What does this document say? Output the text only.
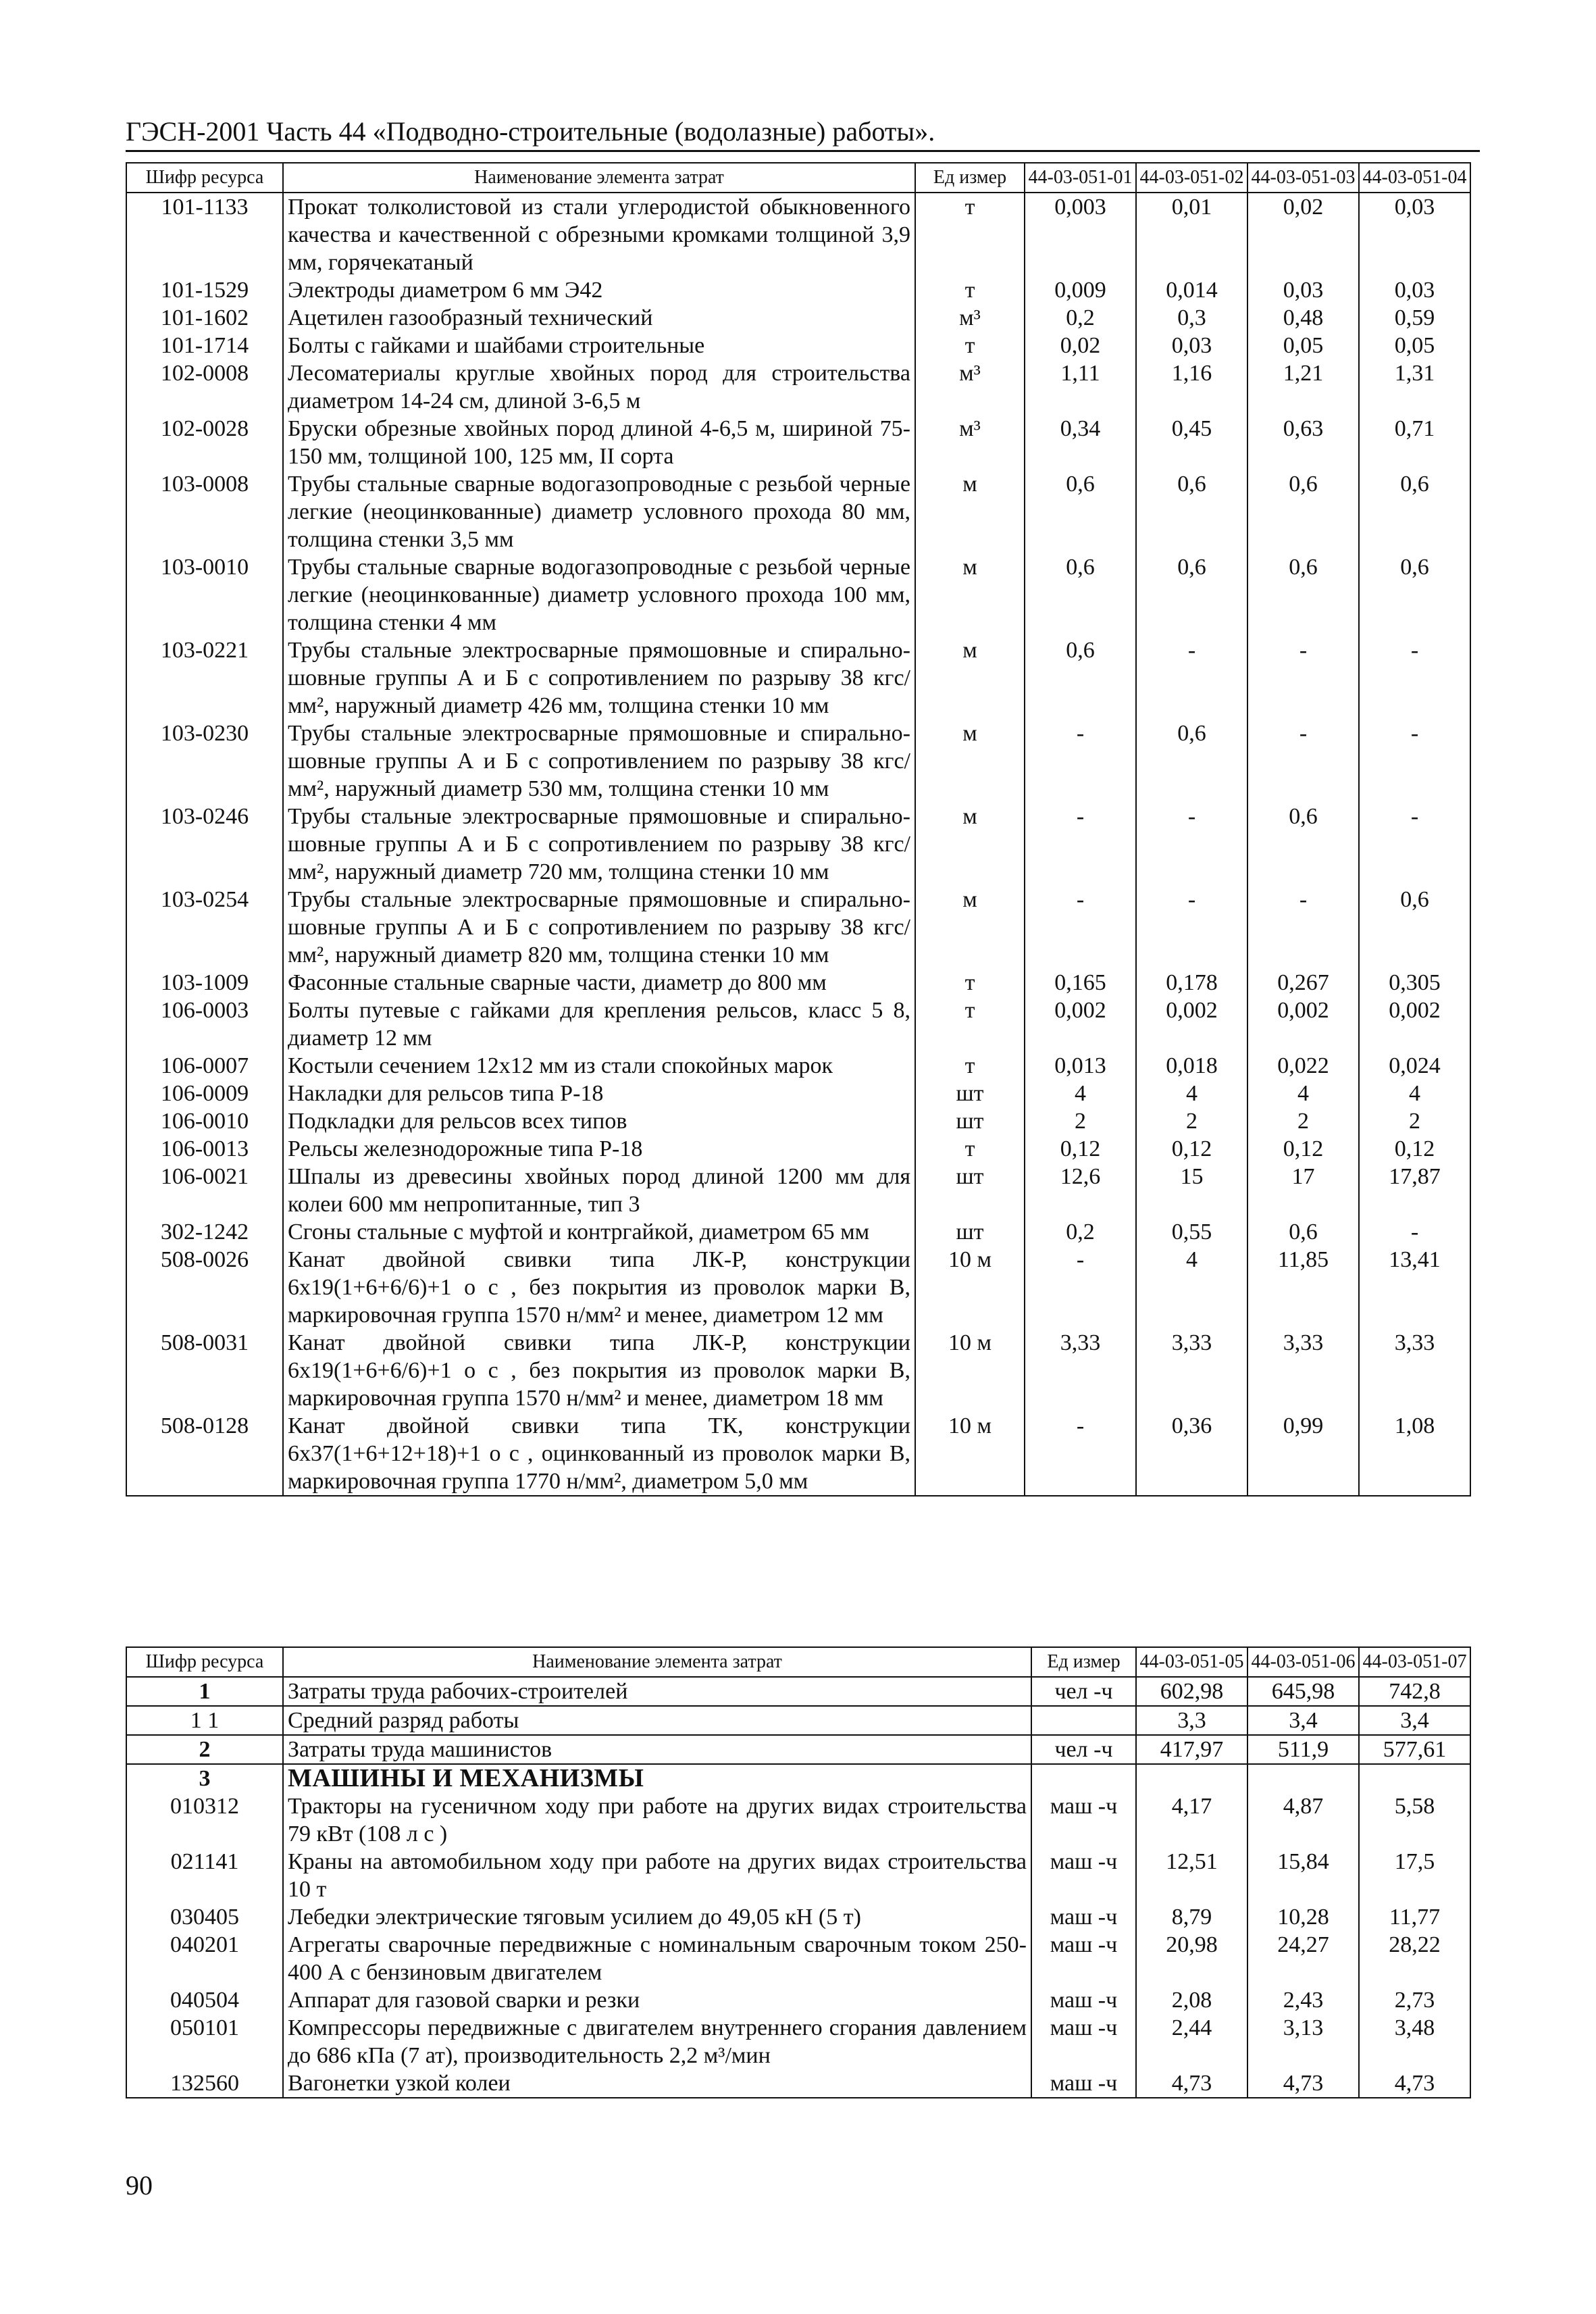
ГЭСН-2001 Часть 44 «Подводно-строительные (водолазные) работы».
Шифр ресурса	Наименование элемента затрат	Ед измер	44-03-051-01	44-03-051-02	44-03-051-03	44-03-051-04
101-1133	Прокат толколистовой из стали углеродистой обыкновенного качества и качественной с обрезными кромками толщиной 3,9 мм, горячекатаный	т	0,003	0,01	0,02	0,03
101-1529	Электроды диаметром 6 мм Э42	т	0,009	0,014	0,03	0,03
101-1602	Ацетилен газообразный технический	м³	0,2	0,3	0,48	0,59
101-1714	Болты с гайками и шайбами строительные	т	0,02	0,03	0,05	0,05
102-0008	Лесоматериалы круглые хвойных пород для строительства диаметром 14-24 см, длиной 3-6,5 м	м³	1,11	1,16	1,21	1,31
102-0028	Бруски обрезные хвойных пород длиной 4-6,5 м, шириной 75-150 мм, толщиной 100, 125 мм, II сорта	м³	0,34	0,45	0,63	0,71
103-0008	Трубы стальные сварные водогазопроводные с резьбой черные легкие (неоцинкованные) диаметр условного прохода 80 мм, толщина стенки 3,5 мм	м	0,6	0,6	0,6	0,6
103-0010	Трубы стальные сварные водогазопроводные с резьбой черные легкие (неоцинкованные) диаметр условного прохода 100 мм, толщина стенки 4 мм	м	0,6	0,6	0,6	0,6
103-0221	Трубы стальные электросварные прямошовные и спирально-шовные группы А и Б с сопротивлением по разрыву 38 кгс/мм², наружный диаметр 426 мм, толщина стенки 10 мм	м	0,6	-	-	-
103-0230	Трубы стальные электросварные прямошовные и спирально-шовные группы А и Б с сопротивлением по разрыву 38 кгс/мм², наружный диаметр 530 мм, толщина стенки 10 мм	м	-	0,6	-	-
103-0246	Трубы стальные электросварные прямошовные и спирально-шовные группы А и Б с сопротивлением по разрыву 38 кгс/мм², наружный диаметр 720 мм, толщина стенки 10 мм	м	-	-	0,6	-
103-0254	Трубы стальные электросварные прямошовные и спирально-шовные группы А и Б с сопротивлением по разрыву 38 кгс/мм², наружный диаметр 820 мм, толщина стенки 10 мм	м	-	-	-	0,6
103-1009	Фасонные стальные сварные части, диаметр до 800 мм	т	0,165	0,178	0,267	0,305
106-0003	Болты путевые с гайками для крепления рельсов, класс 5 8, диаметр 12 мм	т	0,002	0,002	0,002	0,002
106-0007	Костыли сечением 12x12 мм из стали спокойных марок	т	0,013	0,018	0,022	0,024
106-0009	Накладки для рельсов типа Р-18	шт	4	4	4	4
106-0010	Подкладки для рельсов всех типов	шт	2	2	2	2
106-0013	Рельсы железнодорожные типа Р-18	т	0,12	0,12	0,12	0,12
106-0021	Шпалы из древесины хвойных пород длиной 1200 мм для колеи 600 мм непропитанные, тип 3	шт	12,6	15	17	17,87
302-1242	Сгоны стальные с муфтой и контргайкой, диаметром 65 мм	шт	0,2	0,55	0,6	-
508-0026	Канат двойной свивки типа ЛК-Р, конструкции 6x19(1+6+6/6)+1 о с , без покрытия из проволок марки В, маркировочная группа 1570 н/мм² и менее, диаметром 12 мм	10 м	-	4	11,85	13,41
508-0031	Канат двойной свивки типа ЛК-Р, конструкции 6x19(1+6+6/6)+1 о с , без покрытия из проволок марки В, маркировочная группа 1570 н/мм² и менее, диаметром 18 мм	10 м	3,33	3,33	3,33	3,33
508-0128	Канат двойной свивки типа ТК, конструкции 6x37(1+6+12+18)+1 о с , оцинкованный из проволок марки В, маркировочная группа 1770 н/мм², диаметром 5,0 мм	10 м	-	0,36	0,99	1,08
Шифр ресурса	Наименование элемента затрат	Ед измер	44-03-051-05	44-03-051-06	44-03-051-07
1	Затраты труда рабочих-строителей	чел -ч	602,98	645,98	742,8
1 1	Средний разряд работы		3,3	3,4	3,4
2	Затраты труда машинистов	чел -ч	417,97	511,9	577,61
3	МАШИНЫ И МЕХАНИЗМЫ				
010312	Тракторы на гусеничном ходу при работе на других видах строительства 79 кВт (108 л с )	маш -ч	4,17	4,87	5,58
021141	Краны на автомобильном ходу при работе на других видах строительства 10 т	маш -ч	12,51	15,84	17,5
030405	Лебедки электрические тяговым усилием до 49,05 кН (5 т)	маш -ч	8,79	10,28	11,77
040201	Агрегаты сварочные передвижные с номинальным сварочным током 250-400 А с бензиновым двигателем	маш -ч	20,98	24,27	28,22
040504	Аппарат для газовой сварки и резки	маш -ч	2,08	2,43	2,73
050101	Компрессоры передвижные с двигателем внутреннего сгорания давлением до 686 кПа (7 ат), производительность 2,2 м³/мин	маш -ч	2,44	3,13	3,48
132560	Вагонетки узкой колеи	маш -ч	4,73	4,73	4,73
90
